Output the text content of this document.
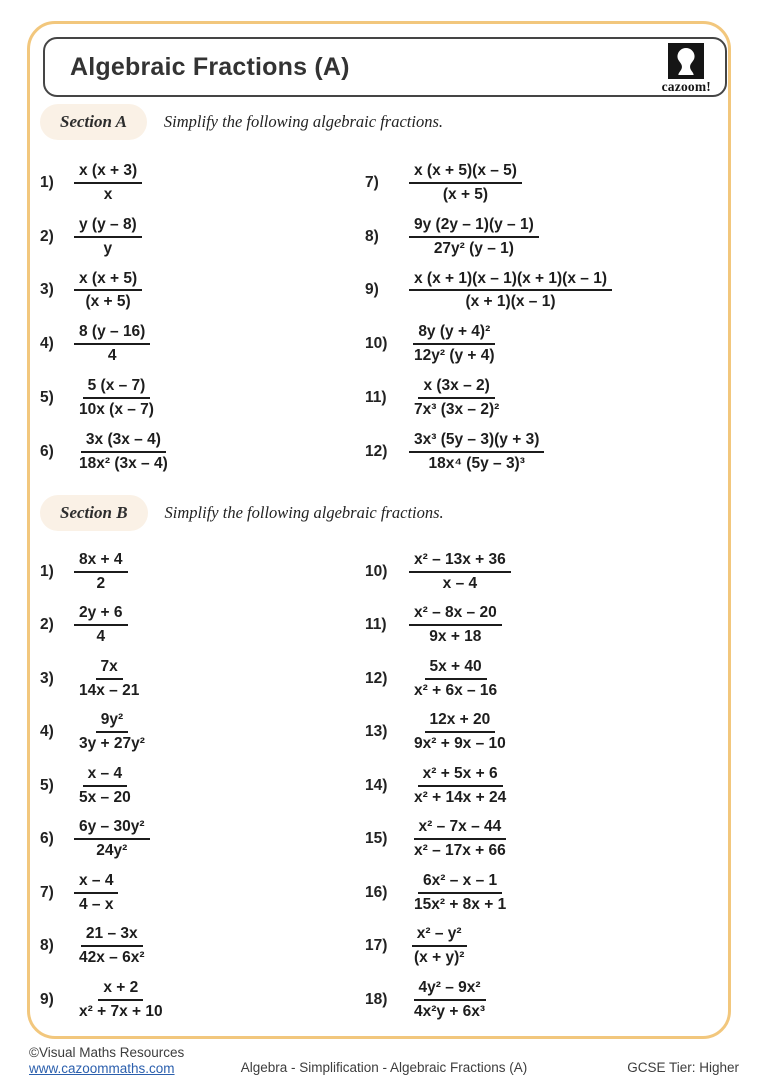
Algebraic Fractions (A)
cazoom!
Section A	Simplify the following algebraic fractions.
1)	$\frac{x (x + 3)}{x}$
2)	$\frac{y (y - 8)}{y}$
3)	$\frac{x (x + 5)}{(x + 5)}$
4)	$\frac{8 (y - 16)}{4}$
5)	$\frac{5 (x - 7)}{10x (x - 7)}$
6)	$\frac{3x (3x - 4)}{\text{18x² (3x – 4)}}$
7)	$\frac{x (x + 5)(x - 5)}{(x + 5)}$
8)	$\frac{9y (2y - 1)(y - 1)}{\text{27y² (y – 1)}}$
9)	$\frac{x (x + 1)(x - 1)(x + 1)(x - 1)}{(x + 1)(x - 1)}$
10)	$\frac{\text{8y (y + 4)²}}{\text{12y² (y + 4)}}$
11)	$\frac{x (3x - 2)}{\text{7x³ (3x – 2)²}}$
12)	$\frac{\text{3x³ (5y – 3)(y + 3)}}{\text{18x⁴ (5y – 3)³}}$
Section B	Simplify the following algebraic fractions.
1)	$\frac{8x + 4}{2}$
2)	$\frac{2y + 6}{4}$
3)	$\frac{7x}{14x - 21}$
4)	$\frac{\text{9y²}}{\text{3y + 27y²}}$
5)	$\frac{x - 4}{5x - 20}$
6)	$\frac{\text{6y – 30y²}}{\text{24y²}}$
7)	$\frac{x - 4}{4 - x}$
8)	$\frac{21 - 3x}{\text{42x – 6x²}}$
9)	$\frac{x + 2}{\text{x² + 7x + 10}}$
10)	$\frac{\text{x² – 13x + 36}}{x - 4}$
11)	$\frac{\text{x² – 8x – 20}}{9x + 18}$
12)	$\frac{5x + 40}{\text{x² + 6x – 16}}$
13)	$\frac{12x + 20}{\text{9x² + 9x – 10}}$
14)	$\frac{\text{x² + 5x + 6}}{\text{x² + 14x + 24}}$
15)	$\frac{\text{x² – 7x – 44}}{\text{x² – 17x + 66}}$
16)	$\frac{\text{6x² – x – 1}}{\text{15x² + 8x + 1}}$
17)	$\frac{\text{x² – y²}}{\text{(x + y)²}}$
18)	$\frac{\text{4y² – 9x²}}{\text{4x²y + 6x³}}$
©Visual Maths Resources
www.cazoommaths.com	Algebra - Simplification - Algebraic Fractions (A)	GCSE Tier: Higher
